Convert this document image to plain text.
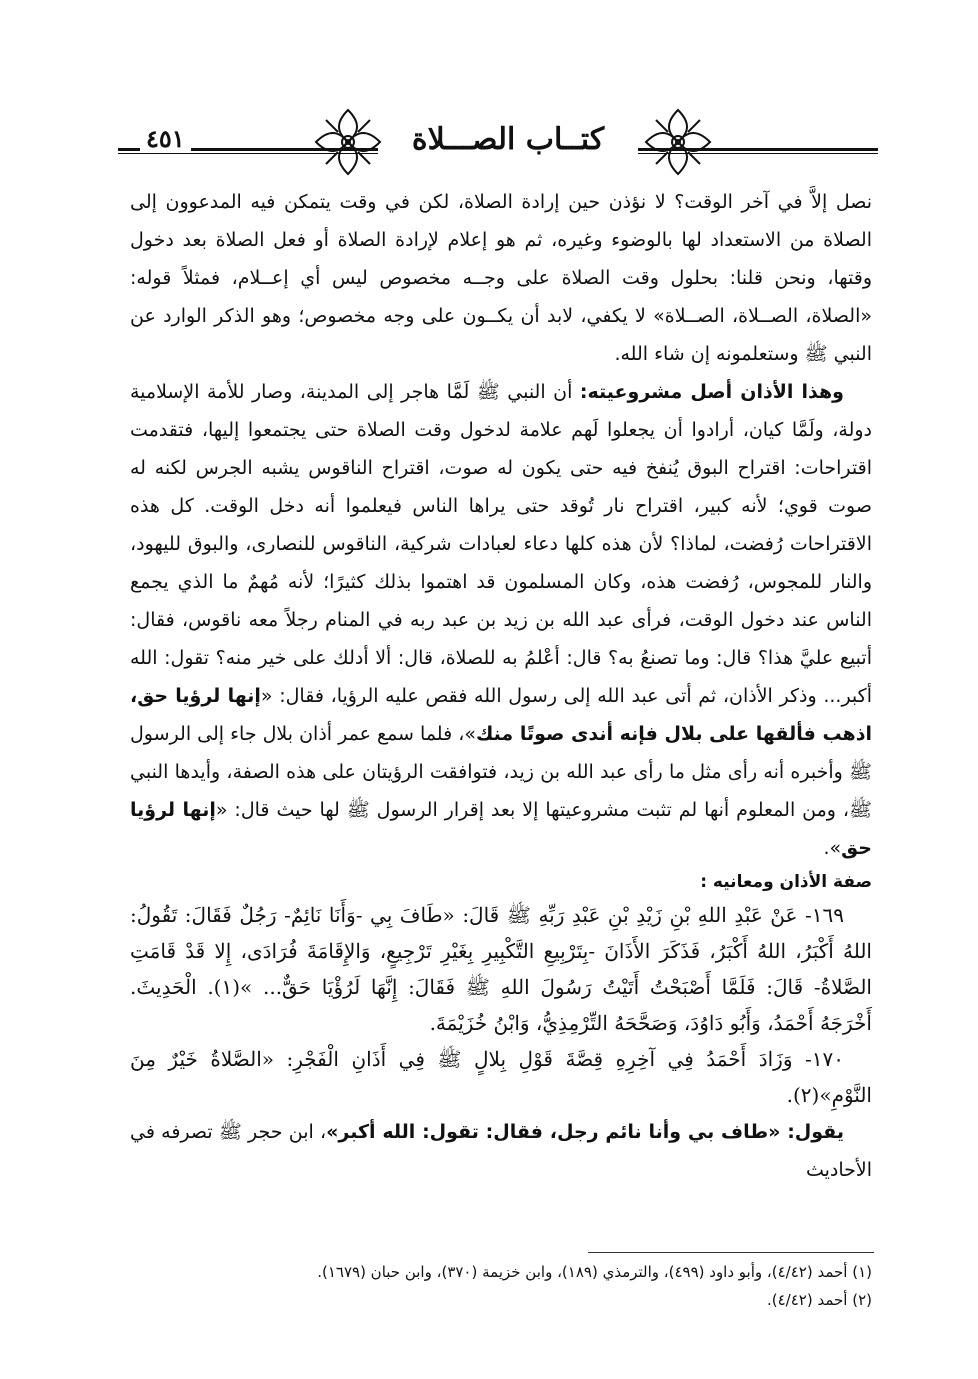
كتــاب الصـــلاة
٤٥١

نصل إلاَّ في آخر الوقت؟ لا نؤذن حين إرادة الصلاة، لكن في وقت يتمكن فيه المدعوون إلى الصلاة من الاستعداد لها بالوضوء وغيره، ثم هو إعلام لإرادة الصلاة أو فعل الصلاة بعد دخول وقتها، ونحن قلنا: بحلول وقت الصلاة على وجــه مخصوص ليس أي إعــلام، فمثلاً قوله: «الصلاة، الصــلاة، الصــلاة» لا يكفي، لابد أن يكــون على وجه مخصوص؛ وهو الذكر الوارد عن النبي ﷺ وستعلمونه إن شاء الله.

وهذا الأذان أصل مشروعيته: أن النبي ﷺ لَمَّا هاجر إلى المدينة، وصار للأمة الإسلامية دولة، ولَمَّا كيان، أرادوا أن يجعلوا لَهم علامة لدخول وقت الصلاة حتى يجتمعوا إليها، فتقدمت اقتراحات: اقتراح البوق يُنفخ فيه حتى يكون له صوت، اقتراح الناقوس يشبه الجرس لكنه له صوت قوي؛ لأنه كبير، اقتراح نار تُوقد حتى يراها الناس فيعلموا أنه دخل الوقت. كل هذه الاقتراحات رُفضت، لماذا؟ لأن هذه كلها دعاء لعبادات شركية، الناقوس للنصارى، والبوق لليهود، والنار للمجوس، رُفضت هذه، وكان المسلمون قد اهتموا بذلك كثيرًا؛ لأنه مُهمٌ ما الذي يجمع الناس عند دخول الوقت، فرأى عبد الله بن زيد بن عبد ربه في المنام رجلاً معه ناقوس، فقال: أتبيع عليَّ هذا؟ قال: وما تصنعُ به؟ قال: أعْلمُ به للصلاة، قال: ألا أدلك على خير منه؟ تقول: الله أكبر... وذكر الأذان، ثم أتى عبد الله إلى رسول الله فقص عليه الرؤيا، فقال: «إنها لرؤيا حق، اذهب فألقها على بلال فإنه أندى صوتًا منك»، فلما سمع عمر أذان بلال جاء إلى الرسول ﷺ وأخبره أنه رأى مثل ما رأى عبد الله بن زيد، فتوافقت الرؤيتان على هذه الصفة، وأيدها النبي ﷺ، ومن المعلوم أنها لم تثبت مشروعيتها إلا بعد إقرار الرسول ﷺ لها حيث قال: «إنها لرؤيا حق».

صفة الأذان ومعانيه :

١٦٩- عَنْ عَبْدِ اللهِ بْنِ زَيْدِ بْنِ عَبْدِ رَبِّهِ ﷺ قَالَ: «طَافَ بِي -وَأَنَا نَائِمٌ- رَجُلٌ فَقَالَ: تَقُولُ: اللهُ أَكْبَرُ، اللهُ أَكْبَرُ، فَذَكَرَ الأَذَانَ -بِتَرْبِيعِ التَّكْبِيرِ بِغَيْرِ تَرْجِيعٍ، وَالإِقَامَةَ فُرَادَى، إِلا قَدْ قَامَتِ الصَّلاةُ- قَالَ: فَلَمَّا أَصْبَحْتُ أَتَيْتُ رَسُولَ اللهِ ﷺ فَقَالَ: إِنَّهَا لَرُؤْيَا حَقٌّ... »(١). الْحَدِيثَ. أَخْرَجَهُ أَحْمَدُ، وَأَبُو دَاوُدَ، وَصَحَّحَهُ التِّرْمِذِيُّ، وَابْنُ خُزَيْمَةَ.

١٧٠- وَزَادَ أَحْمَدُ فِي آخِرِهِ قِصَّةَ قَوْلِ بِلالٍ ﷺ فِي أَذَانِ الْفَجْرِ: «الصَّلاةُ خَيْرٌ مِنَ النَّوْمِ»(٢).

يقول: «طاف بي وأنا نائم رجل، فقال: تقول: الله أكبر»، ابن حجر ﷺ تصرفه في الأحاديث

(١) أحمد (٤/٤٢)، وأبو داود (٤٩٩)، والترمذي (١٨٩)، وابن خزيمة (٣٧٠)، وابن حبان (١٦٧٩).

(٢) أحمد (٤/٤٢).
